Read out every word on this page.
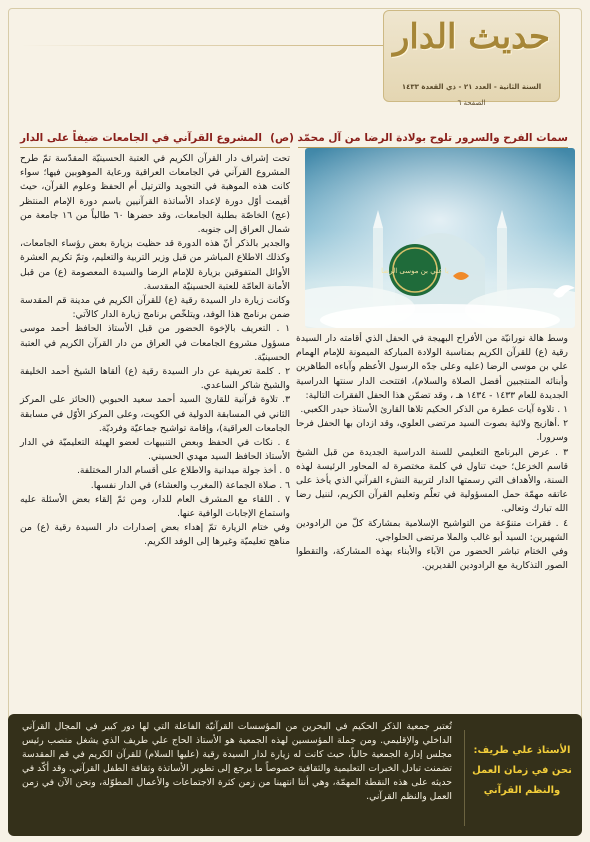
حديث الدار
السنة الثانية - العدد ٢١ - ذي القعدة ١٤٣٣
الصفحة ٦
سمات الفرح والسرور تلوح بولادة الرضا من آل محمّد (ص)
يا علي بن موسى الرضا

وسط هالة نورانيّة من الأفراح البهيجة في الحفل الذي أقامته دار السيدة رقية (ع) للقرآن الكريم بمناسبة الولادة المباركة الميمونة للإمام الهمام علي بن موسى الرضا (عليه وعلى جدّه الرسول الأعظم وآباءه الطاهرين وأبنائه المنتجبين أفضل الصلاة والسلام)، افتتحت الدار سنتها الدراسية الجديدة للعام ١٤٣٣ - ١٤٣٤ هـ ، وقد تضمّن هذا الحفل الفقرات التالية:

١ . تلاوة آيات عطرة من الذكر الحكيم تلاها القارئ الأستاذ حيدر الكعبي.

٢ .أهازيج ولائية بصوت السيد مرتضى العلوي، وقد ازدان بها الحفل فرحا وسرورا.

٣ . عرض البرنامج التعليمي للسنة الدراسية الجديدة من قبل الشيخ قاسم الخزعل؛ حيث تناول في كلمة مختصرة له المحاور الرئيسة لهذه السنة، والأهداف التي رسمتها الدار لتربية النشء القرآني الذي يأخذ على عاتقه مهمّة حمل المسؤولية في تعلّم وتعليم القرآن الكريم، لننيل رضا الله تبارك وتعالى.

٤ . فقرات متنوّعة من التواشيح الإسلامية بمشاركة كلّ من الرادودين الشهيرين: السيد أبو غالب والملا مرتضى الحلواجي.

وفي الختام تباشر الحضور من الآباء والأبناء بهذه المشاركة، والتقطوا الصور التذكارية مع الرادودين القديرين.

المشروع القرآني في الجامعات ضيفاً على الدار

تحت إشراف دار القرآن الكريم في العتبة الحسينيّة المقدّسة تمّ طرح المشروع القرآني في الجامعات العراقية ورعاية الموهوبين فيها؛ سواء كانت هذه الموهبة في التجويد والترتيل أم الحفظ وعلوم القرآن، حيث أقيمت أوّل دورة لإعداد الأساتذة القرآنيين باسم دورة الإمام المنتظر (عج) الخاصّة بطلبة الجامعات، وقد حضرها ٦٠ طالباً من ١٦ جامعة من شمال العراق إلى جنوبه.

والجدير بالذكر أنّ هذه الدورة قد حظيت بزيارة بعض رؤساء الجامعات، وكذلك الاطلاع المباشر من قبل وزير التربية والتعليم، وتمّ تكريم العشرة الأوائل المتفوقين بزيارة للإمام الرضا والسيدة المعصومة (ع) من قبل الأمانة العامّة للعتبة الحسينيّة المقدسة.

وكانت زيارة دار السيدة رقية (ع) للقرآن الكريم في مدينة قم المقدسة ضمن برنامج هذا الوفد، ويتلخّص برنامج زيارة الدار كالآتي:

١ . التعريف بالإخوة الحضور من قبل الأستاذ الحافظ أحمد موسى مسؤول مشروع الجامعات في العراق من دار القرآن الكريم في العتبة الحسينيّة.

٢ . كلمة تعريفية عن دار السيدة رقية (ع) ألقاها الشيخ أحمد الخليفة والشيخ شاكر الساعدي.

٣. تلاوة قرآنية للقارئ السيد أحمد سعيد الحبوبي (الحائز على المركز الثاني في المسابقة الدولية في الكويت، وعلى المركز الأوّل في مسابقة الجامعات العراقية)، وإقامة تواشيح جماعيّة وفرديّة.

٤ . نكات في الحفظ وبعض التنبيهات لعضو الهيئة التعليميّة في الدار الأستاذ الحافظ السيد مهدي الحسيني.

٥ . أخذ جولة ميدانية والاطلاع على أقسام الدار المختلفة.

٦ . صلاة الجماعة (المغرب والعشاء) في الدار نفسها.

٧ . اللقاء مع المشرف العام للدار، ومن ثمّ إلقاء بعض الأسئلة عليه واستماع الإجابات الوافية عنها.

وفي ختام الزيارة تمّ إهداء بعض إصدارات دار السيدة رقية (ع) من مناهج تعليميّة وغيرها إلى الوفد الكريم.

الأستاذ علي طريف:
نحن في زمان العمل
والنظم القرآني

تُعتبر جمعية الذكر الحكيم في البحرين من المؤسسات القرآنيّة الفاعلة التي لها دور كبير في المجال القرآني الداخلي والإقليمي. ومن جملة المؤسسين لهذه الجمعية هو الأستاذ الحاج علي طريف الذي يشغل منصب رئيس مجلس إدارة الجمعية حالياً، حيث كانت له زيارة لدار السيدة رقية (عليها السلام) للقرآن الكريم في قم المقدسة تضمنت تبادل الخبرات التعليمية والثقافية خصوصاً ما يرجع إلى تطوير الأساتذة وثقافة الطفل القرآني. وقد أكّد في حديثه على هذه النقطة المهمّة، وهي أننا انتهينا من زمن كثرة الاجتماعات والأعمال المطوّلة، ونحن الآن في زمن العمل والنظم القرآني.
